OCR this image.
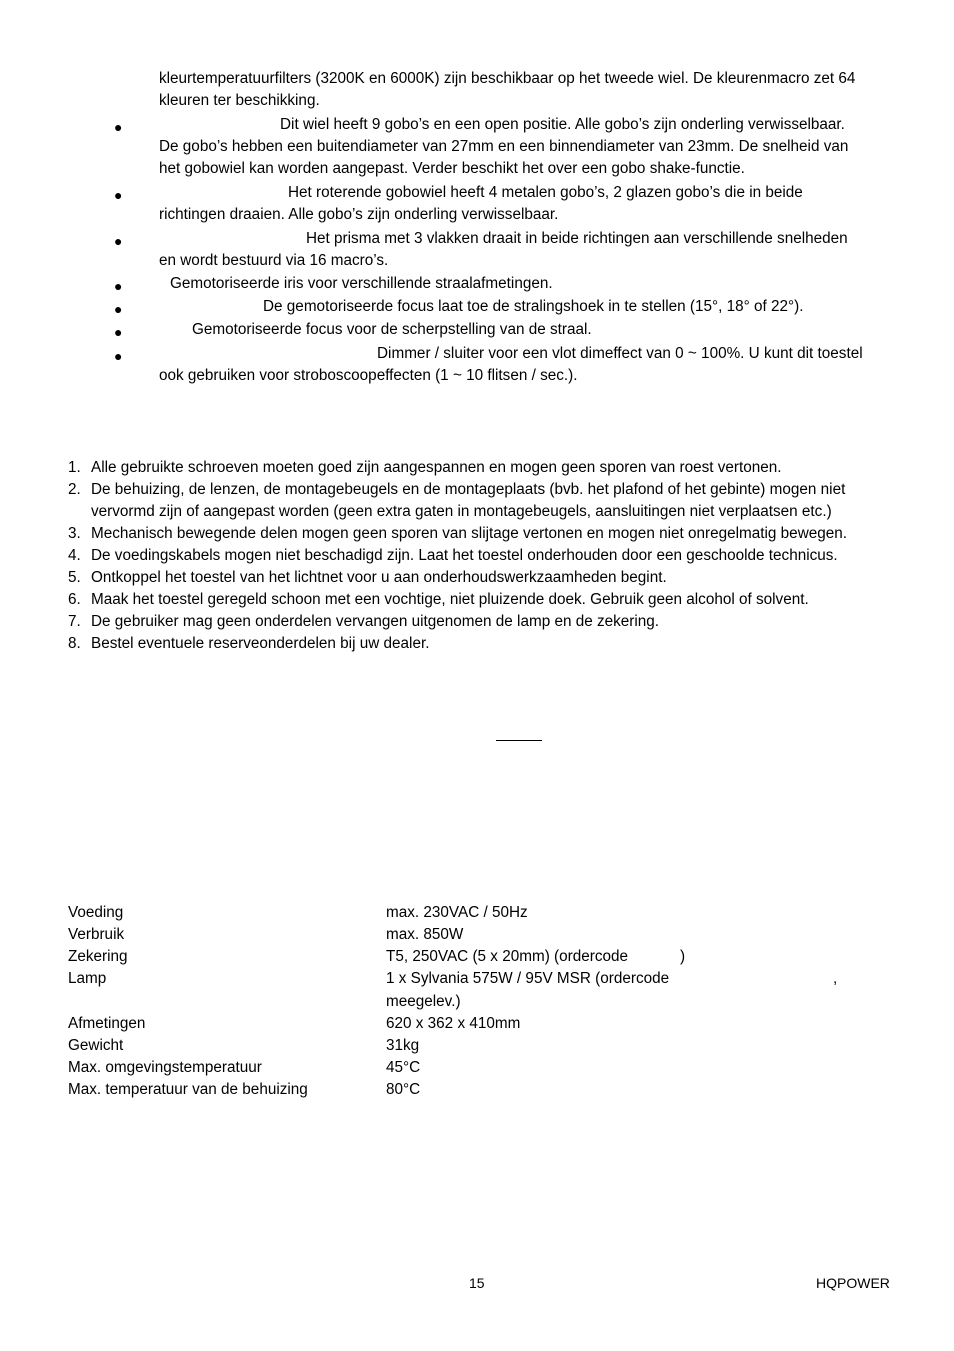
kleurtemperatuurfilters (3200K en 6000K) zijn beschikbaar op het tweede wiel. De kleurenmacro zet 64
kleuren ter beschikking.
●	Dit wiel heeft 9 gobo’s en een open positie. Alle gobo’s zijn onderling verwisselbaar.
De gobo’s hebben een buitendiameter van 27mm en een binnendiameter van 23mm. De snelheid van
het gobowiel kan worden aangepast. Verder beschikt het over een gobo shake-functie.
●	Het roterende gobowiel heeft 4 metalen gobo’s, 2 glazen gobo’s die in beide
richtingen draaien. Alle gobo’s zijn onderling verwisselbaar.
●	Het prisma met 3 vlakken draait in beide richtingen aan verschillende snelheden
en wordt bestuurd via 16 macro’s.
●	Gemotoriseerde iris voor verschillende straalafmetingen.
●	De gemotoriseerde focus laat toe de stralingshoek in te stellen (15°, 18° of 22°).
●	Gemotoriseerde focus voor de scherpstelling van de straal.
●	Dimmer / sluiter voor een vlot dimeffect van 0 ~ 100%. U kunt dit toestel
ook gebruiken voor stroboscoopeffecten (1 ~ 10 flitsen / sec.).
1. Alle gebruikte schroeven moeten goed zijn aangespannen en mogen geen sporen van roest vertonen.
2. De behuizing, de lenzen, de montagebeugels en de montageplaats (bvb. het plafond of het gebinte) mogen niet
vervormd zijn of aangepast worden (geen extra gaten in montagebeugels, aansluitingen niet verplaatsen etc.)
3. Mechanisch bewegende delen mogen geen sporen van slijtage vertonen en mogen niet onregelmatig bewegen.
4. De voedingskabels mogen niet beschadigd zijn. Laat het toestel onderhouden door een geschoolde technicus.
5. Ontkoppel het toestel van het lichtnet voor u aan onderhoudswerkzaamheden begint.
6. Maak het toestel geregeld schoon met een vochtige, niet pluizende doek. Gebruik geen alcohol of solvent.
7. De gebruiker mag geen onderdelen vervangen uitgenomen de lamp en de zekering.
8. Bestel eventuele reserveonderdelen bij uw dealer.
Voeding	max. 230VAC / 50Hz
Verbruik	max. 850W
Zekering	T5, 250VAC (5 x 20mm) (ordercode	)
Lamp	1 x Sylvania 575W / 95V MSR (ordercode	,
meegelev.)
Afmetingen	620 x 362 x 410mm
Gewicht	31kg
Max. omgevingstemperatuur	45°C
Max. temperatuur van de behuizing	80°C
15	HQPOWER
